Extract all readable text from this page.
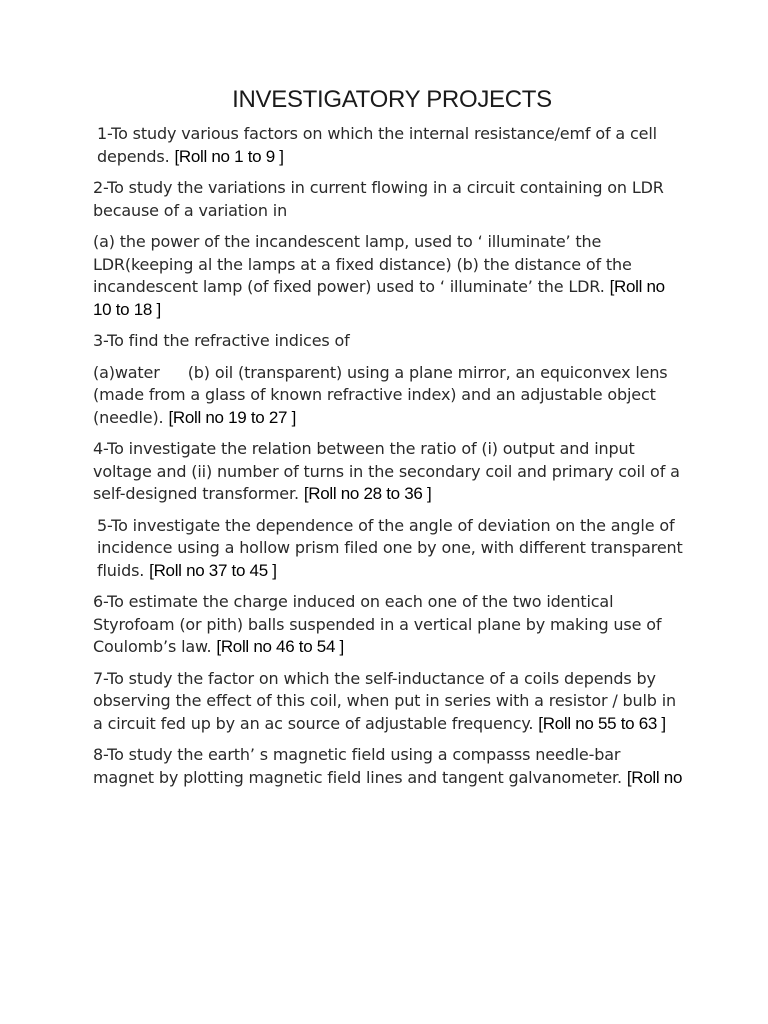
INVESTIGATORY PROJECTS

1-To study various factors on which the internal resistance/emf of a cell depends. [Roll no 1 to 9 ]

2-To study the variations in current flowing in a circuit containing on LDR because of a variation in

(a) the power of the incandescent lamp, used to ‘ illuminate’ the LDR(keeping al the lamps at a fixed distance) (b) the distance of the incandescent lamp (of fixed power) used to ‘ illuminate’ the LDR. [Roll no 10 to 18 ]

3-To find the refractive indices of

(a)water (b) oil (transparent) using a plane mirror, an equiconvex lens (made from a glass of known refractive index) and an adjustable object (needle). [Roll no 19 to 27 ]

4-To investigate the relation between the ratio of (i) output and input voltage and (ii) number of turns in the secondary coil and primary coil of a self-designed transformer. [Roll no 28 to 36 ]

5-To investigate the dependence of the angle of deviation on the angle of incidence using a hollow prism filed one by one, with different transparent fluids. [Roll no 37 to 45 ]

6-To estimate the charge induced on each one of the two identical Styrofoam (or pith) balls suspended in a vertical plane by making use of Coulomb’s law. [Roll no 46 to 54 ]

7-To study the factor on which the self-inductance of a coils depends by observing the effect of this coil, when put in series with a resistor / bulb in a circuit fed up by an ac source of adjustable frequency. [Roll no 55 to 63 ]

8-To study the earth’ s magnetic field using a compasss needle-bar magnet by plotting magnetic field lines and tangent galvanometer. [Roll no
